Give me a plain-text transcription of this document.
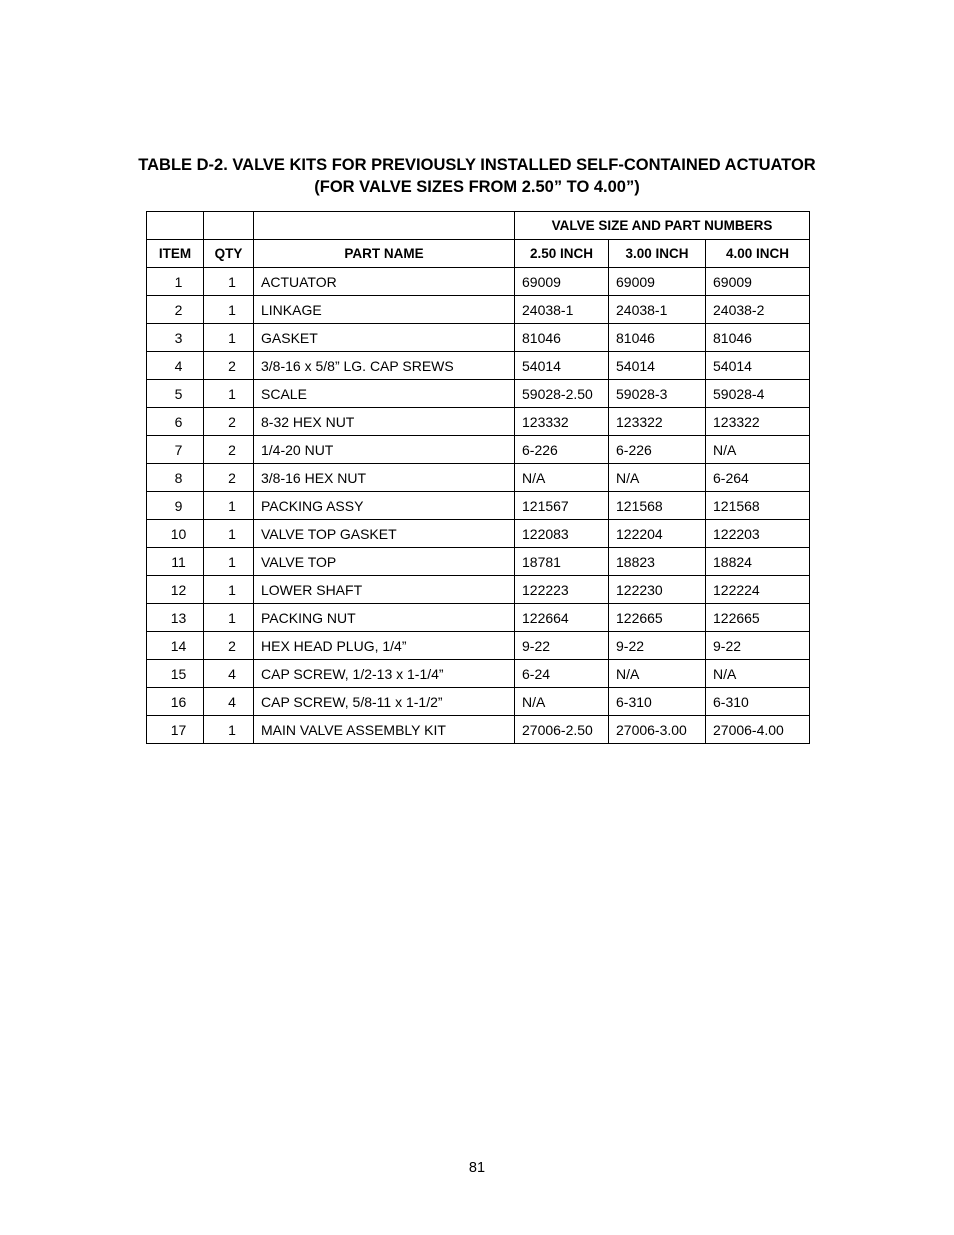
TABLE D-2. VALVE KITS FOR PREVIOUSLY INSTALLED SELF-CONTAINED ACTUATOR
(FOR VALVE SIZES FROM 2.50” TO 4.00”)
			VALVE SIZE AND PART NUMBERS		
ITEM	QTY	PART NAME	2.50 INCH	3.00 INCH	4.00 INCH
1	1	ACTUATOR	69009	69009	69009
2	1	LINKAGE	24038-1	24038-1	24038-2
3	1	GASKET	81046	81046	81046
4	2	3/8-16 x 5/8” LG. CAP SREWS	54014	54014	54014
5	1	SCALE	59028-2.50	59028-3	59028-4
6	2	8-32 HEX NUT	123332	123322	123322
7	2	1/4-20 NUT	6-226	6-226	N/A
8	2	3/8-16 HEX NUT	N/A	N/A	6-264
9	1	PACKING ASSY	121567	121568	121568
10	1	VALVE TOP GASKET	122083	122204	122203
11	1	VALVE TOP	18781	18823	18824
12	1	LOWER SHAFT	122223	122230	122224
13	1	PACKING NUT	122664	122665	122665
14	2	HEX HEAD PLUG, 1/4”	9-22	9-22	9-22
15	4	CAP SCREW, 1/2-13 x 1-1/4”	6-24	N/A	N/A
16	4	CAP SCREW, 5/8-11 x 1-1/2”	N/A	6-310	6-310
17	1	MAIN VALVE ASSEMBLY KIT	27006-2.50	27006-3.00	27006-4.00
81
